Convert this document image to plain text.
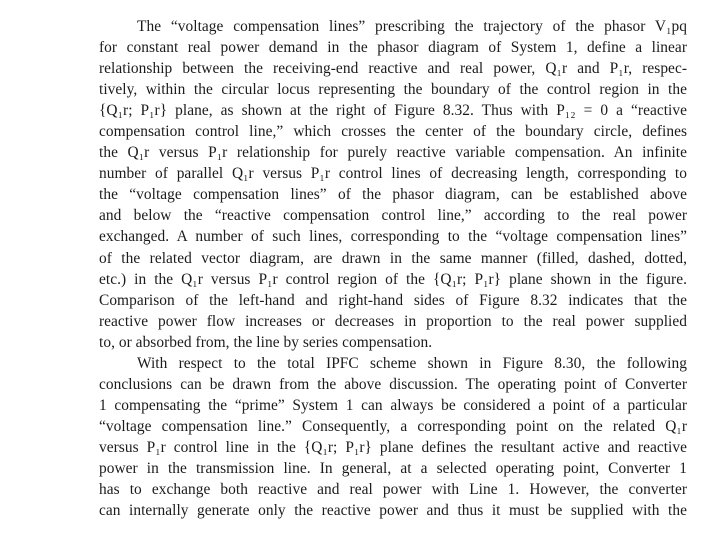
The “voltage compensation lines” prescribing the trajectory of the phasor V₁pq
for constant real power demand in the phasor diagram of System 1, define a linear
relationship between the receiving-end reactive and real power, Q₁r and P₁r, respec-
tively, within the circular locus representing the boundary of the control region in the
{Q₁r; P₁r} plane, as shown at the right of Figure 8.32. Thus with P₁₂ = 0 a “reactive
compensation control line,” which crosses the center of the boundary circle, defines
the Q₁r versus P₁r relationship for purely reactive variable compensation. An infinite
number of parallel Q₁r versus P₁r control lines of decreasing length, corresponding to
the “voltage compensation lines” of the phasor diagram, can be established above
and below the “reactive compensation control line,” according to the real power
exchanged. A number of such lines, corresponding to the “voltage compensation lines”
of the related vector diagram, are drawn in the same manner (filled, dashed, dotted,
etc.) in the Q₁r versus P₁r control region of the {Q₁r; P₁r} plane shown in the figure.
Comparison of the left-hand and right-hand sides of Figure 8.32 indicates that the
reactive power flow increases or decreases in proportion to the real power supplied
to, or absorbed from, the line by series compensation.
With respect to the total IPFC scheme shown in Figure 8.30, the following
conclusions can be drawn from the above discussion. The operating point of Converter
1 compensating the “prime” System 1 can always be considered a point of a particular
“voltage compensation line.” Consequently, a corresponding point on the related Q₁r
versus P₁r control line in the {Q₁r; P₁r} plane defines the resultant active and reactive
power in the transmission line. In general, at a selected operating point, Converter 1
has to exchange both reactive and real power with Line 1. However, the converter
can internally generate only the reactive power and thus it must be supplied with the
